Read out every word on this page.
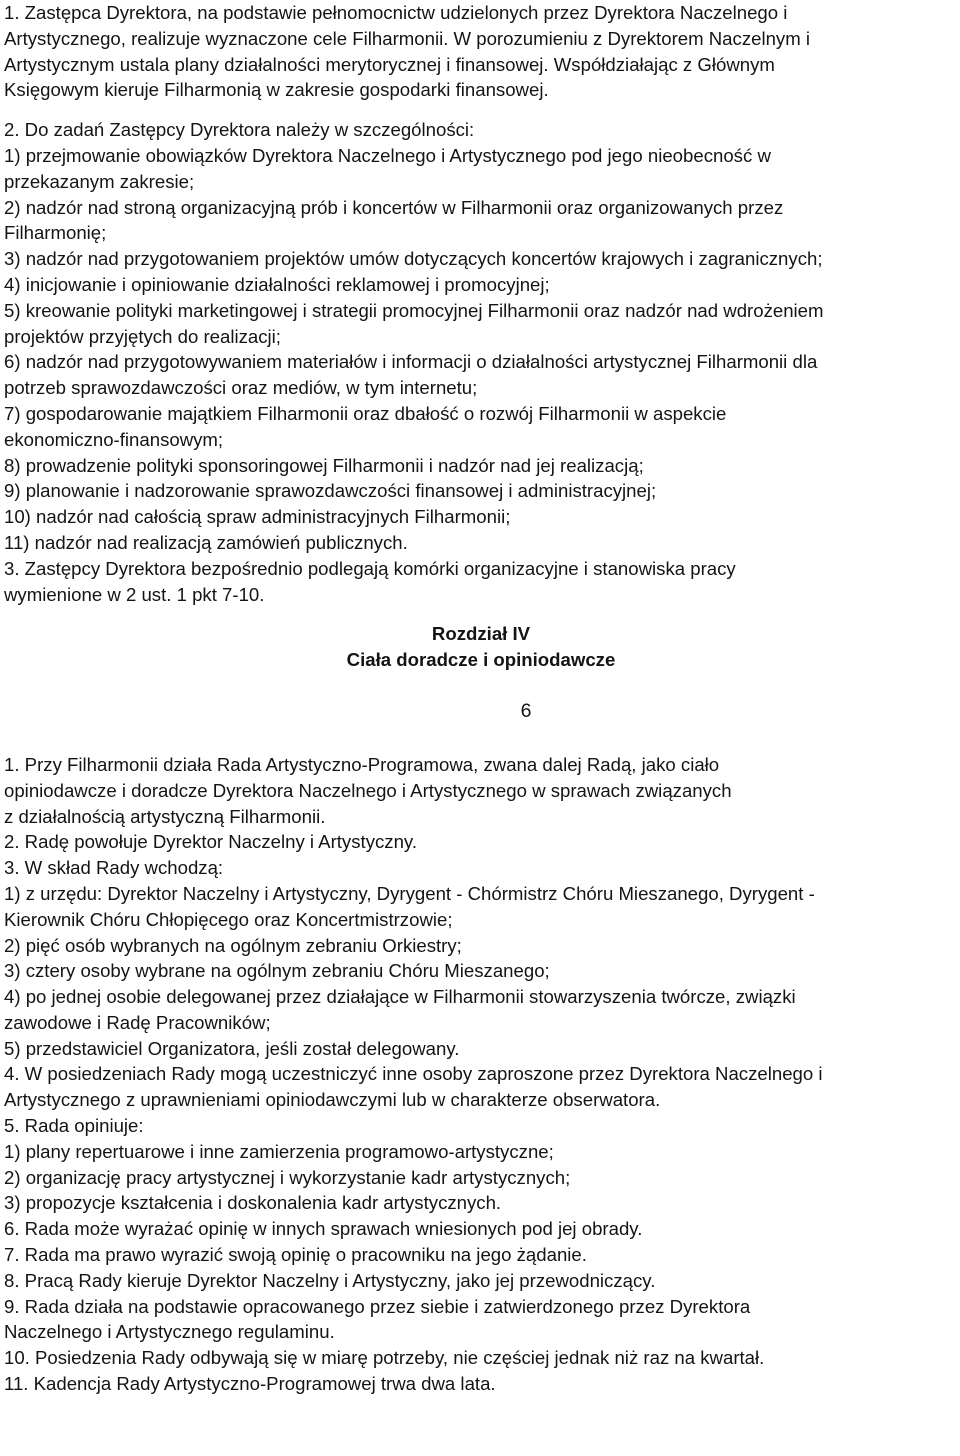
1. Zastępca Dyrektora, na podstawie pełnomocnictw udzielonych przez Dyrektora Naczelnego i
Artystycznego, realizuje wyznaczone cele Filharmonii. W porozumieniu z Dyrektorem Naczelnym i
Artystycznym ustala plany działalności merytorycznej i finansowej. Współdziałając z Głównym
Księgowym kieruje Filharmonią w zakresie gospodarki finansowej.
2. Do zadań Zastępcy Dyrektora należy w szczególności:
1) przejmowanie obowiązków Dyrektora Naczelnego i Artystycznego pod jego nieobecność w
przekazanym zakresie;
2) nadzór nad stroną organizacyjną prób i koncertów w Filharmonii oraz organizowanych przez
Filharmonię;
3) nadzór nad przygotowaniem projektów umów dotyczących koncertów krajowych i zagranicznych;
4) inicjowanie i opiniowanie działalności reklamowej i promocyjnej;
5) kreowanie polityki marketingowej i strategii promocyjnej Filharmonii oraz nadzór nad wdrożeniem
projektów przyjętych do realizacji;
6) nadzór nad przygotowywaniem materiałów i informacji o działalności artystycznej Filharmonii dla
potrzeb sprawozdawczości oraz mediów, w tym internetu;
7) gospodarowanie majątkiem Filharmonii oraz dbałość o rozwój Filharmonii w aspekcie
ekonomiczno-finansowym;
8) prowadzenie polityki sponsoringowej Filharmonii i nadzór nad jej realizacją;
9) planowanie i nadzorowanie sprawozdawczości finansowej i administracyjnej;
10) nadzór nad całością spraw administracyjnych Filharmonii;
11) nadzór nad realizacją zamówień publicznych.
3. Zastępcy Dyrektora bezpośrednio podlegają komórki organizacyjne i stanowiska pracy
wymienione w 2 ust. 1 pkt 7-10.
Rozdział IV
Ciała doradcze i opiniodawcze
6
1. Przy Filharmonii działa Rada Artystyczno-Programowa, zwana dalej Radą, jako ciało
opiniodawcze i doradcze Dyrektora Naczelnego i Artystycznego w sprawach związanych
z działalnością artystyczną Filharmonii.
2. Radę powołuje Dyrektor Naczelny i Artystyczny.
3. W skład Rady wchodzą:
1) z urzędu: Dyrektor Naczelny i Artystyczny, Dyrygent - Chórmistrz Chóru Mieszanego, Dyrygent -
Kierownik Chóru Chłopięcego oraz Koncertmistrzowie;
2) pięć osób wybranych na ogólnym zebraniu Orkiestry;
3) cztery osoby wybrane na ogólnym zebraniu Chóru Mieszanego;
4) po jednej osobie delegowanej przez działające w Filharmonii stowarzyszenia twórcze, związki
zawodowe i Radę Pracowników;
5) przedstawiciel Organizatora, jeśli został delegowany.
4. W posiedzeniach Rady mogą uczestniczyć inne osoby zaproszone przez Dyrektora Naczelnego i
Artystycznego z uprawnieniami opiniodawczymi lub w charakterze obserwatora.
5. Rada opiniuje:
1) plany repertuarowe i inne zamierzenia programowo-artystyczne;
2) organizację pracy artystycznej i wykorzystanie kadr artystycznych;
3) propozycje kształcenia i doskonalenia kadr artystycznych.
6. Rada może wyrażać opinię w innych sprawach wniesionych pod jej obrady.
7. Rada ma prawo wyrazić swoją opinię o pracowniku na jego żądanie.
8. Pracą Rady kieruje Dyrektor Naczelny i Artystyczny, jako jej przewodniczący.
9. Rada działa na podstawie opracowanego przez siebie i zatwierdzonego przez Dyrektora
Naczelnego i Artystycznego regulaminu.
10. Posiedzenia Rady odbywają się w miarę potrzeby, nie częściej jednak niż raz na kwartał.
11. Kadencja Rady Artystyczno-Programowej trwa dwa lata.
